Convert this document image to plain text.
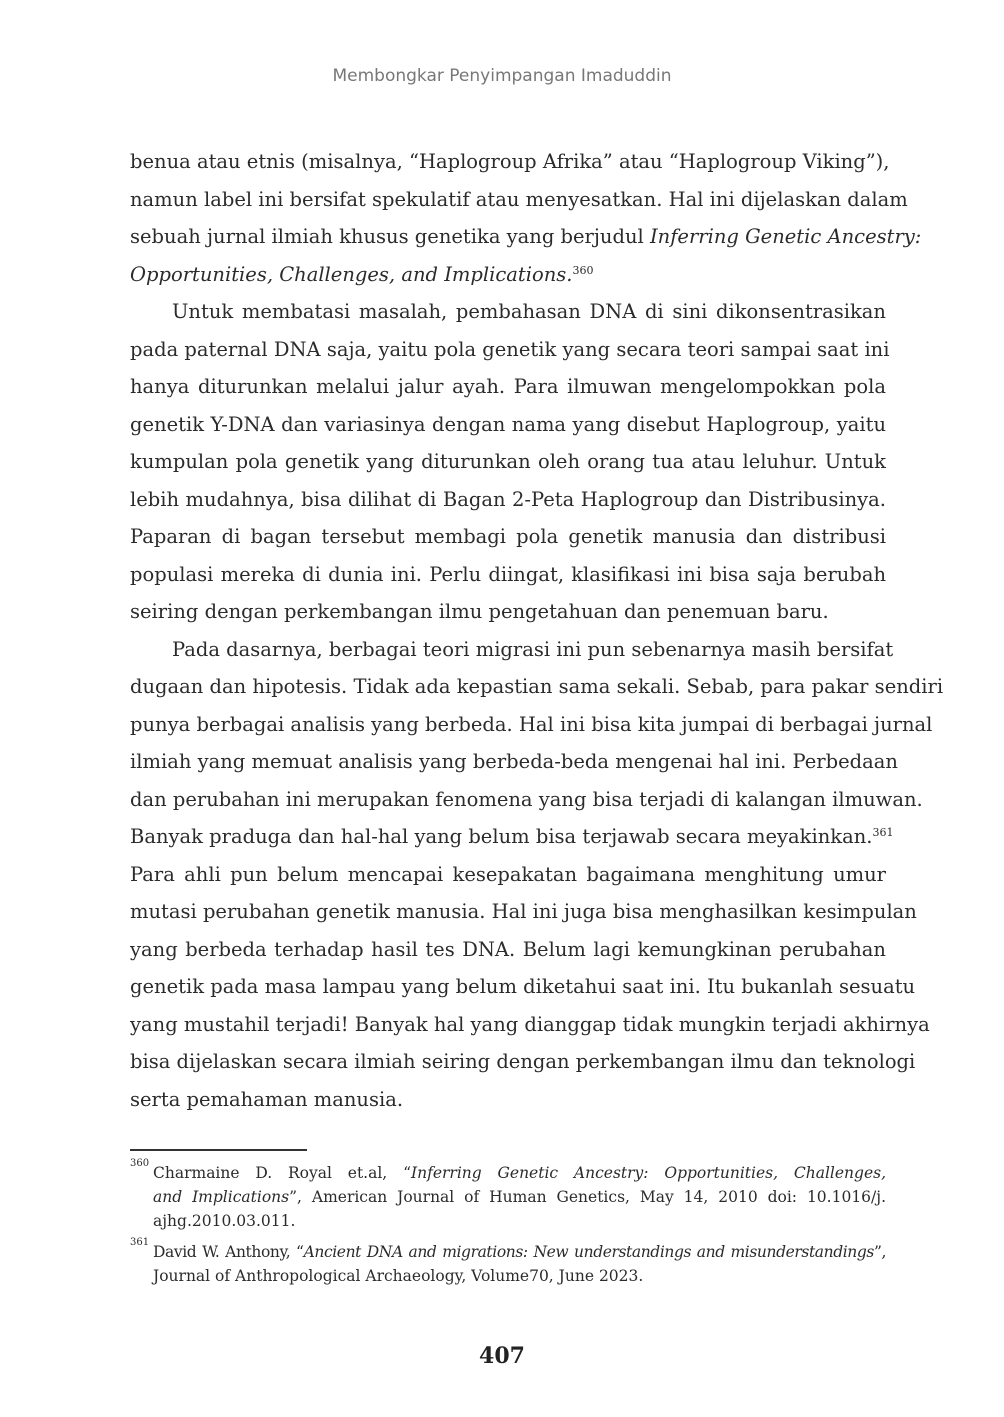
Membongkar Penyimpangan Imaduddin
benua atau etnis (misalnya, “Haplogroup Afrika” atau “Haplogroup Viking”),
namun label ini bersifat spekulatif atau menyesatkan. Hal ini dijelaskan dalam
sebuah jurnal ilmiah khusus genetika yang berjudul Inferring Genetic Ancestry:
Opportunities, Challenges, and Implications.$^{360}$
Untuk membatasi masalah, pembahasan DNA di sini dikonsentrasikan
pada paternal DNA saja, yaitu pola genetik yang secara teori sampai saat ini
hanya diturunkan melalui jalur ayah. Para ilmuwan mengelompokkan pola
genetik Y-DNA dan variasinya dengan nama yang disebut Haplogroup, yaitu
kumpulan pola genetik yang diturunkan oleh orang tua atau leluhur. Untuk
lebih mudahnya, bisa dilihat di Bagan 2-Peta Haplogroup dan Distribusinya.
Paparan di bagan tersebut membagi pola genetik manusia dan distribusi
populasi mereka di dunia ini. Perlu diingat, klasifikasi ini bisa saja berubah
seiring dengan perkembangan ilmu pengetahuan dan penemuan baru.
Pada dasarnya, berbagai teori migrasi ini pun sebenarnya masih bersifat
dugaan dan hipotesis. Tidak ada kepastian sama sekali. Sebab, para pakar sendiri
punya berbagai analisis yang berbeda. Hal ini bisa kita jumpai di berbagai jurnal
ilmiah yang memuat analisis yang berbeda-beda mengenai hal ini. Perbedaan
dan perubahan ini merupakan fenomena yang bisa terjadi di kalangan ilmuwan.
Banyak praduga dan hal-hal yang belum bisa terjawab secara meyakinkan.$^{361}$
Para ahli pun belum mencapai kesepakatan bagaimana menghitung umur
mutasi perubahan genetik manusia. Hal ini juga bisa menghasilkan kesimpulan
yang berbeda terhadap hasil tes DNA. Belum lagi kemungkinan perubahan
genetik pada masa lampau yang belum diketahui saat ini. Itu bukanlah sesuatu
yang mustahil terjadi! Banyak hal yang dianggap tidak mungkin terjadi akhirnya
bisa dijelaskan secara ilmiah seiring dengan perkembangan ilmu dan teknologi
serta pemahaman manusia.
360
Charmaine D. Royal et.al, “Inferring Genetic Ancestry: Opportunities, Challenges,
and Implications”, American Journal of Human Genetics, May 14, 2010 doi: 10.1016/j.
ajhg.2010.03.011.
361
David W. Anthony, “Ancient DNA and migrations: New understandings and misunderstandings”,
Journal of Anthropological Archaeology, Volume70, June 2023.
407
